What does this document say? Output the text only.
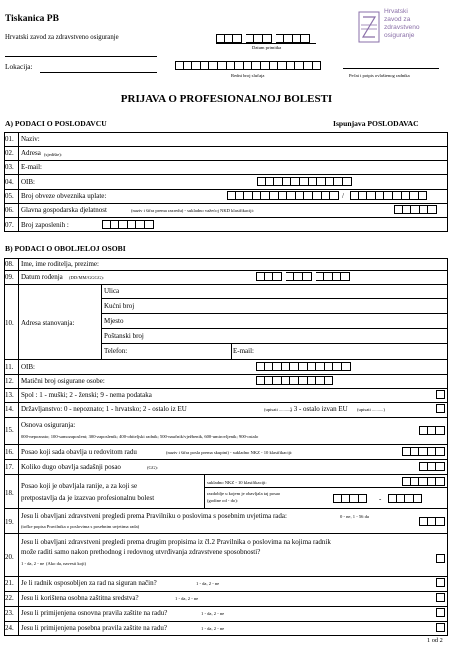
Tiskanica PB
Hrvatski zavod za zdravstveno osiguranje
Lokacija:
Datum primitka
Redni broj slučaja	Pečat i potpis ovlaštenog radnika
Hrvatski
zavod za
zdravstveno
osiguranje
PRIJAVA O PROFESIONALNOJ BOLESTI
A) PODACI O POSLODAVCU	Ispunjava POSLODAVAC
01. Naziv:
02. Adresa (sjedište):
03. E-mail:
04. OIB:
05. Broj obveze obveznika uplate:	/
06. Glavna gospodarska djelatnost	(naziv i šifra prema razredu) - sukladno važećoj NKD klasifikaciji:
07. Broj zaposlenih :
B) PODACI O OBOLJELOJ OSOBI
08. Ime, ime roditelja, prezime:
09. Datum rođenja (DD/MM/GGGG):
10. Adresa stanovanja:
Ulica
Kućni broj
Mjesto
Poštanski broj
Telefon:	E-mail:
11. OIB:
12. Matični broj osigurane osobe:
13. Spol : 1 - muški; 2 - ženski; 9 - nema podataka
14. Državljanstvo: 0 - nepoznato; 1 - hrvatsko; 2 - ostalo iz EU	(upisati ..........)
; 3 - ostalo izvan EU (upisati ..........)
15.
Osnova osiguranja:
000-nepoznato; 100-samozaposleni; 300-zaposlenik; 400-obiteljski radnik; 500-naučnik/vježbenik, 600-umirovljenik; 900-ostalo
16. Posao koji sada obavlja u redovitom radu	(naziv i šifra posla prema skupini) - sukladno NKZ - 10 klasifikaciji:
17. Koliko dugo obavlja sadašnji posao	(GG):
18.
Posao koji je obavljala ranije, a za koji se
pretpostavlja da je izazvao profesionalnu bolest
sukladno NKZ - 10 klasifikaciji:
razdoblje u kojem je obavljala taj posao
(godine od - do):	-
19.
Jesu li obavljani zdravstveni pregledi prema Pravilniku o poslovima s posebnim uvjetima rada:	0 - ne, 1 - 56 da
(točke popisa Pravilnika o poslovima s posebnim uvjetima rada)
20.
Jesu li obavljani zdravstveni pregledi prema drugim propisima iz čl.2 Pravilnika o poslovima na kojima radnik
može raditi samo nakon prethodnog i redovnog utvrđivanja zdravstvene sposobnosti?
1 - da, 2 - ne (Ako da, navesti koji)
21. Je li radnik osposobljen za rad na siguran način?	1 - da, 2 - ne
22. Jesu li korištena osobna zaštitna sredstva?	1 - da, 2 - ne
23. Jesu li primijenjena osnovna pravila zaštite na radu?	1 - da, 2 - ne
24. Jesu li primijenjena posebna pravila zaštite na radu?	1 - da, 2 - ne
1 od 2
